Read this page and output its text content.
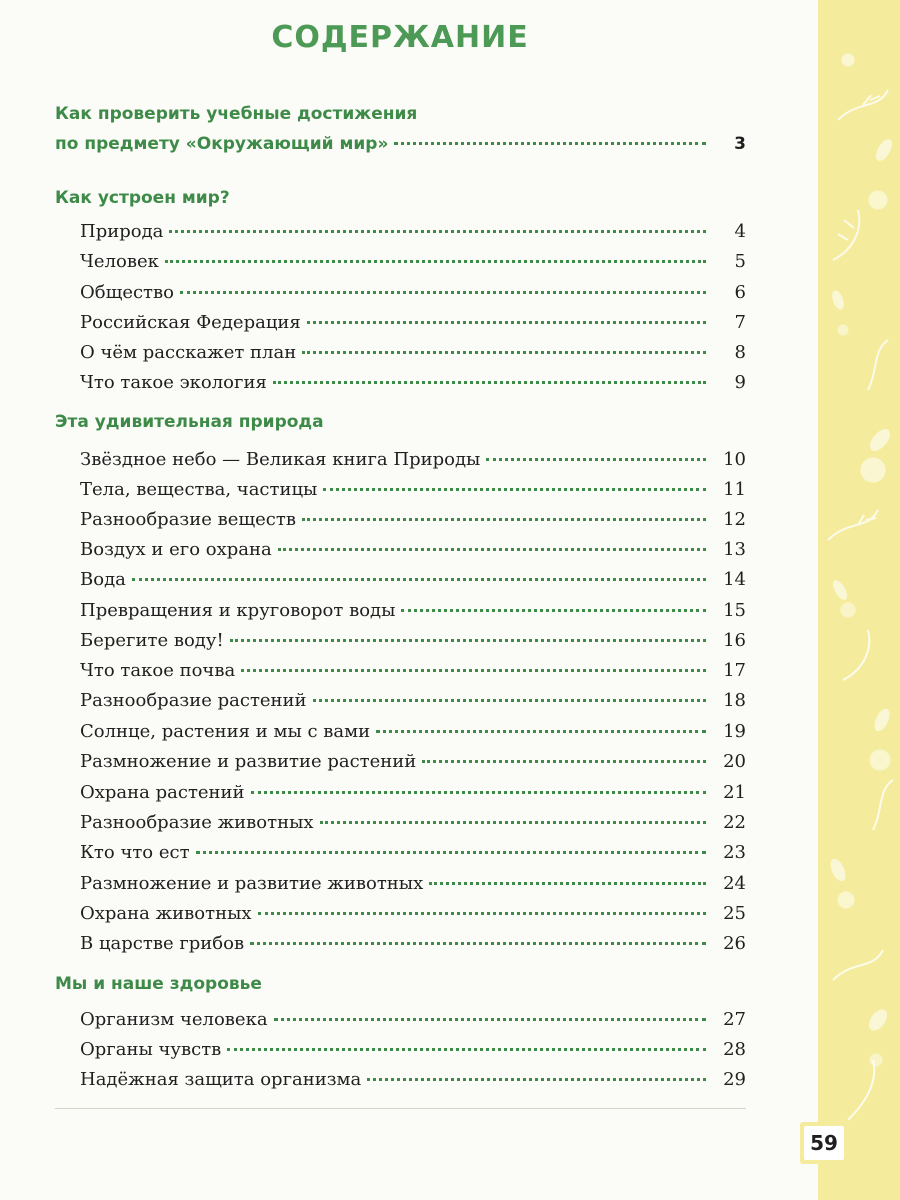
СОДЕРЖАНИЕ
Как проверить учебные достижения
по предмету «Окружающий мир»	3
Как устроен мир?
Природа	4
Человек	5
Общество	6
Российская Федерация	7
О чём расскажет план	8
Что такое экология	9
Эта удивительная природа
Звёздное небо — Великая книга Природы	10
Тела, вещества, частицы	11
Разнообразие веществ	12
Воздух и его охрана	13
Вода	14
Превращения и круговорот воды	15
Берегите воду!	16
Что такое почва	17
Разнообразие растений	18
Солнце, растения и мы с вами	19
Размножение и развитие растений	20
Охрана растений	21
Разнообразие животных	22
Кто что ест	23
Размножение и развитие животных	24
Охрана животных	25
В царстве грибов	26
Мы и наше здоровье
Организм человека	27
Органы чувств	28
Надёжная защита организма	29
59
